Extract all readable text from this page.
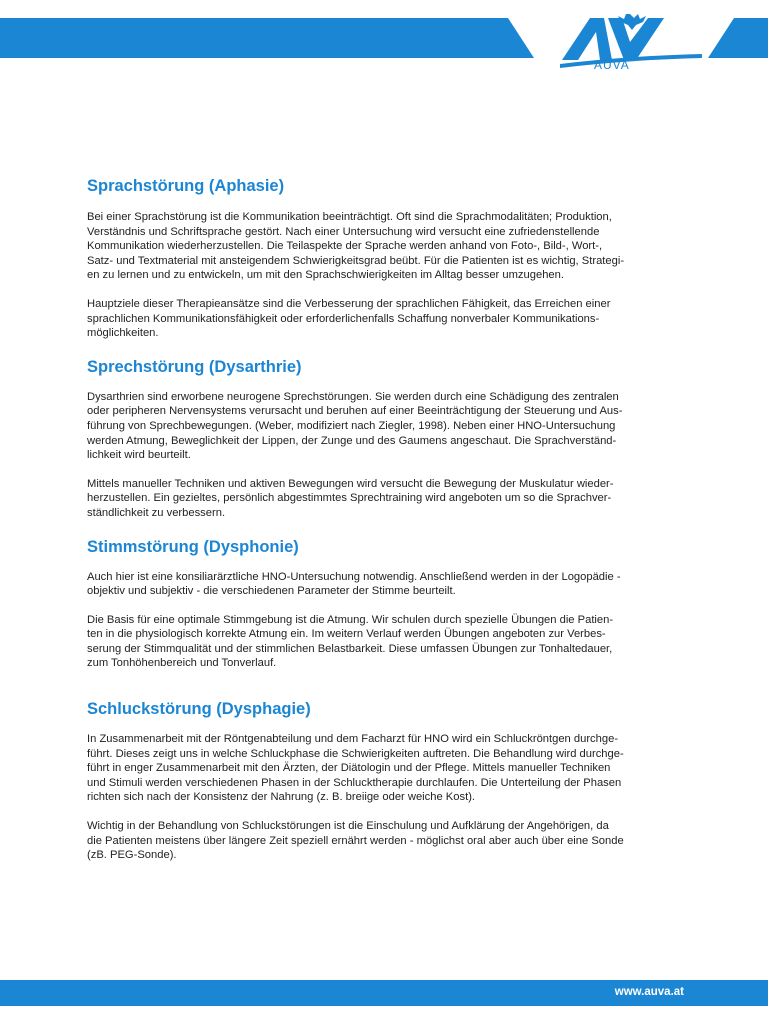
AUVA
Sprachstörung (Aphasie)

Bei einer Sprachstörung ist die Kommunikation beeinträchtigt. Oft sind die Sprachmodalitäten; Produktion,
Verständnis und Schriftsprache gestört. Nach einer Untersuchung wird versucht eine zufriedenstellende
Kommunikation wiederherzustellen. Die Teilaspekte der Sprache werden anhand von Foto-, Bild-, Wort-,
Satz- und Textmaterial mit ansteigendem Schwierigkeitsgrad beübt. Für die Patienten ist es wichtig, Strategi-
en zu lernen und zu entwickeln, um mit den Sprachschwierigkeiten im Alltag besser umzugehen.

Hauptziele dieser Therapieansätze sind die Verbesserung der sprachlichen Fähigkeit, das Erreichen einer
sprachlichen Kommunikationsfähigkeit oder erforderlichenfalls Schaffung nonverbaler Kommunikations-
möglichkeiten.

Sprechstörung (Dysarthrie)

Dysarthrien sind erworbene neurogene Sprechstörungen. Sie werden durch eine Schädigung des zentralen
oder peripheren Nervensystems verursacht und beruhen auf einer Beeinträchtigung der Steuerung und Aus-
führung von Sprechbewegungen. (Weber, modifiziert nach Ziegler, 1998). Neben einer HNO-Untersuchung
werden Atmung, Beweglichkeit der Lippen, der Zunge und des Gaumens angeschaut. Die Sprachverständ-
lichkeit wird beurteilt.

Mittels manueller Techniken und aktiven Bewegungen wird versucht die Bewegung der Muskulatur wieder-
herzustellen. Ein gezieltes, persönlich abgestimmtes Sprechtraining wird angeboten um so die Sprachver-
ständlichkeit zu verbessern.

Stimmstörung (Dysphonie)

Auch hier ist eine konsiliarärztliche HNO-Untersuchung notwendig. Anschließend werden in der Logopädie -
objektiv und subjektiv - die verschiedenen Parameter der Stimme beurteilt.

Die Basis für eine optimale Stimmgebung ist die Atmung. Wir schulen durch spezielle Übungen die Patien-
ten in die physiologisch korrekte Atmung ein. Im weitern Verlauf werden Übungen angeboten zur Verbes-
serung der Stimmqualität und der stimmlichen Belastbarkeit. Diese umfassen Übungen zur Tonhaltedauer,
zum Tonhöhenbereich und Tonverlauf.

Schluckstörung (Dysphagie)

In Zusammenarbeit mit der Röntgenabteilung und dem Facharzt für HNO wird ein Schluckröntgen durchge-
führt. Dieses zeigt uns in welche Schluckphase die Schwierigkeiten auftreten. Die Behandlung wird durchge-
führt in enger Zusammenarbeit mit den Ärzten, der Diätologin und der Pflege. Mittels manueller Techniken
und Stimuli werden verschiedenen Phasen in der Schlucktherapie durchlaufen. Die Unterteilung der Phasen
richten sich nach der Konsistenz der Nahrung (z. B. breiige oder weiche Kost).

Wichtig in der Behandlung von Schluckstörungen ist die Einschulung und Aufklärung der Angehörigen, da
die Patienten meistens über längere Zeit speziell ernährt werden - möglichst oral aber auch über eine Sonde
(zB. PEG-Sonde).

www.auva.at
